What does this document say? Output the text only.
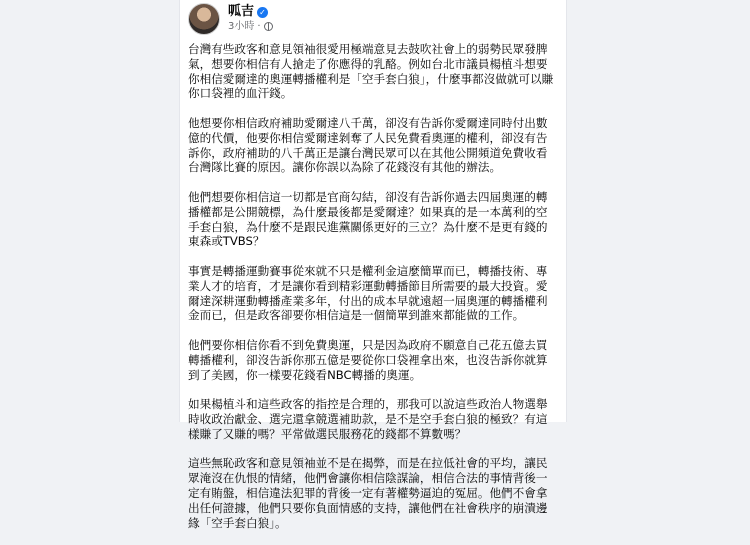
呱吉 ✓
3小時 ·

台灣有些政客和意見領袖很愛用極端意見去鼓吹社會上的弱勢民眾發脾氣，想要你相信有人搶走了你應得的乳酪。例如台北市議員楊植斗想要你相信愛爾達的奧運轉播權利是「空手套白狼」，什麼事都沒做就可以賺你口袋裡的血汗錢。

他想要你相信政府補助愛爾達八千萬，卻沒有告訴你愛爾達同時付出數億的代價，他要你相信愛爾達剝奪了人民免費看奧運的權利，卻沒有告訴你，政府補助的八千萬正是讓台灣民眾可以在其他公開頻道免費收看台灣隊比賽的原因。讓你你誤以為除了花錢沒有其他的辦法。

他們想要你相信這一切都是官商勾結，卻沒有告訴你過去四屆奧運的轉播權都是公開競標，為什麼最後都是愛爾達？如果真的是一本萬利的空手套白狼，為什麼不是跟民進黨關係更好的三立？為什麼不是更有錢的東森或TVBS？

事實是轉播運動賽事從來就不只是權利金這麼簡單而已，轉播技術、專業人才的培育，才是讓你看到精彩運動轉播節目所需要的最大投資。愛爾達深耕運動轉播產業多年，付出的成本早就遠超一屆奧運的轉播權利金而已，但是政客卻要你相信這是一個簡單到誰來都能做的工作。

他們要你相信你看不到免費奧運，只是因為政府不願意自己花五億去買轉播權利，卻沒告訴你那五億是要從你口袋裡拿出來，也沒告訴你就算到了美國，你一樣要花錢看NBC轉播的奧運。

如果楊植斗和這些政客的指控是合理的，那我可以說這些政治人物選舉時收政治獻金、選完還拿競選補助款，是不是空手套白狼的極致？有這樣賺了又賺的嗎？平常做選民服務花的錢都不算數嗎？

這些無恥政客和意見領袖並不是在揭弊，而是在拉低社會的平均，讓民眾淹沒在仇恨的情緒，他們會讓你相信陰謀論，相信合法的事情背後一定有賄盤，相信違法犯罪的背後一定有著權勢逼迫的冤屈。他們不會拿出任何證據，他們只要你負面情感的支持，讓他們在社會秩序的崩潰邊緣「空手套白狼」。
